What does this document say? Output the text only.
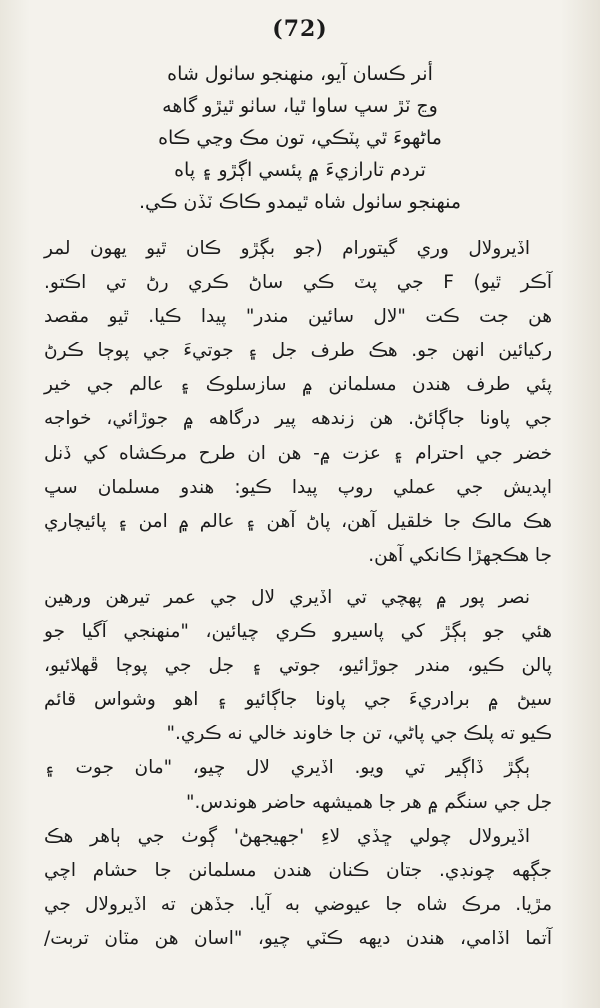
(72)
أنر ڪسان آيو، منهنجو ساٺول شاه
وڃ ٽڙ سڀ ساوا ٿيا، ساٺو ٿيڙو گاهه
ماڻهوءَ ٿي پٽڪي، تون مڪ وڃي ڪاه
تردم تارازيءَ ۾ پئسي اڳڙو ۽ پاه
منهنجو ساٺول شاه ٿيمدو ڪاڪ ٽڏن ڪي.
اڏيرولال وري گيتورام (جو بڳڙو ڪان ٿيو يهون لمر
آڪر ٿيو) F جي پٽ ڪي ساڻ ڪري رڻ تي اڪتو.
هن جت ڪت "لال سائين مندر" پيدا ڪيا. ٿيو مقصد
رکيائين انهن جو. هڪ طرف جل ۽ جوتيءَ جي پوڄا ڪرڻ
پئي طرف هندن مسلمانن ۾ سازسلوڪ ۽ عالم جي خير
جي پاونا جاڳائڻ. هن زندهه پير درگاهه ۾ جوڙائي، خواجه
خضر جي احترام ۽ عزت ۾- هن ان طرح مرڪشاه کي ڏنل
اپديش جي عملي روپ پيدا ڪيو: هندو مسلمان سڀ
هڪ مالڪ جا خلقيل آهن، پاڻ آهن ۽ عالم ۾ امن ۽ پائيچاري
جا هڪجهڙا ڪانکي آهن.
نصر پور ۾ پهچي تي اڏيري لال جي عمر تيرهن ورهين
هئي جو ٻڳڙ کي پاسيرو ڪري چيائين، "منهنجي آگيا جو
پالن ڪيو، مندر جوڙائيو، جوتي ۽ جل جي پوڄا ڦهلائيو،
سيڻ ۾ برادريءَ جي پاونا جاڳائيو ۽ اهو وشواس قائم
ڪيو ته پلڪ جي پاڻي، تن جا خاوند خالي نه ڪري."
ٻڳڙ ڏاڳير تي ويو. اڏيري لال چيو، "مان جوت ۽
جل جي سنگم ۾ هر جا هميشهه حاضر هوندس."
اڏيرولال چولي ڇڏي لاءِ 'جهيجهڻ' ڳوٺ جي ٻاهر هڪ
جڳهه چونڊي. جتان ڪنان هندن مسلمانن جا حشام اچي
مڙيا. مرڪ شاه جا عيوضي به آيا. جڏهن ته اڏيرولال جي
آتما اڏامي، هندن ديهه ڪٽي چيو، "اسان هن مٽان تربت/
